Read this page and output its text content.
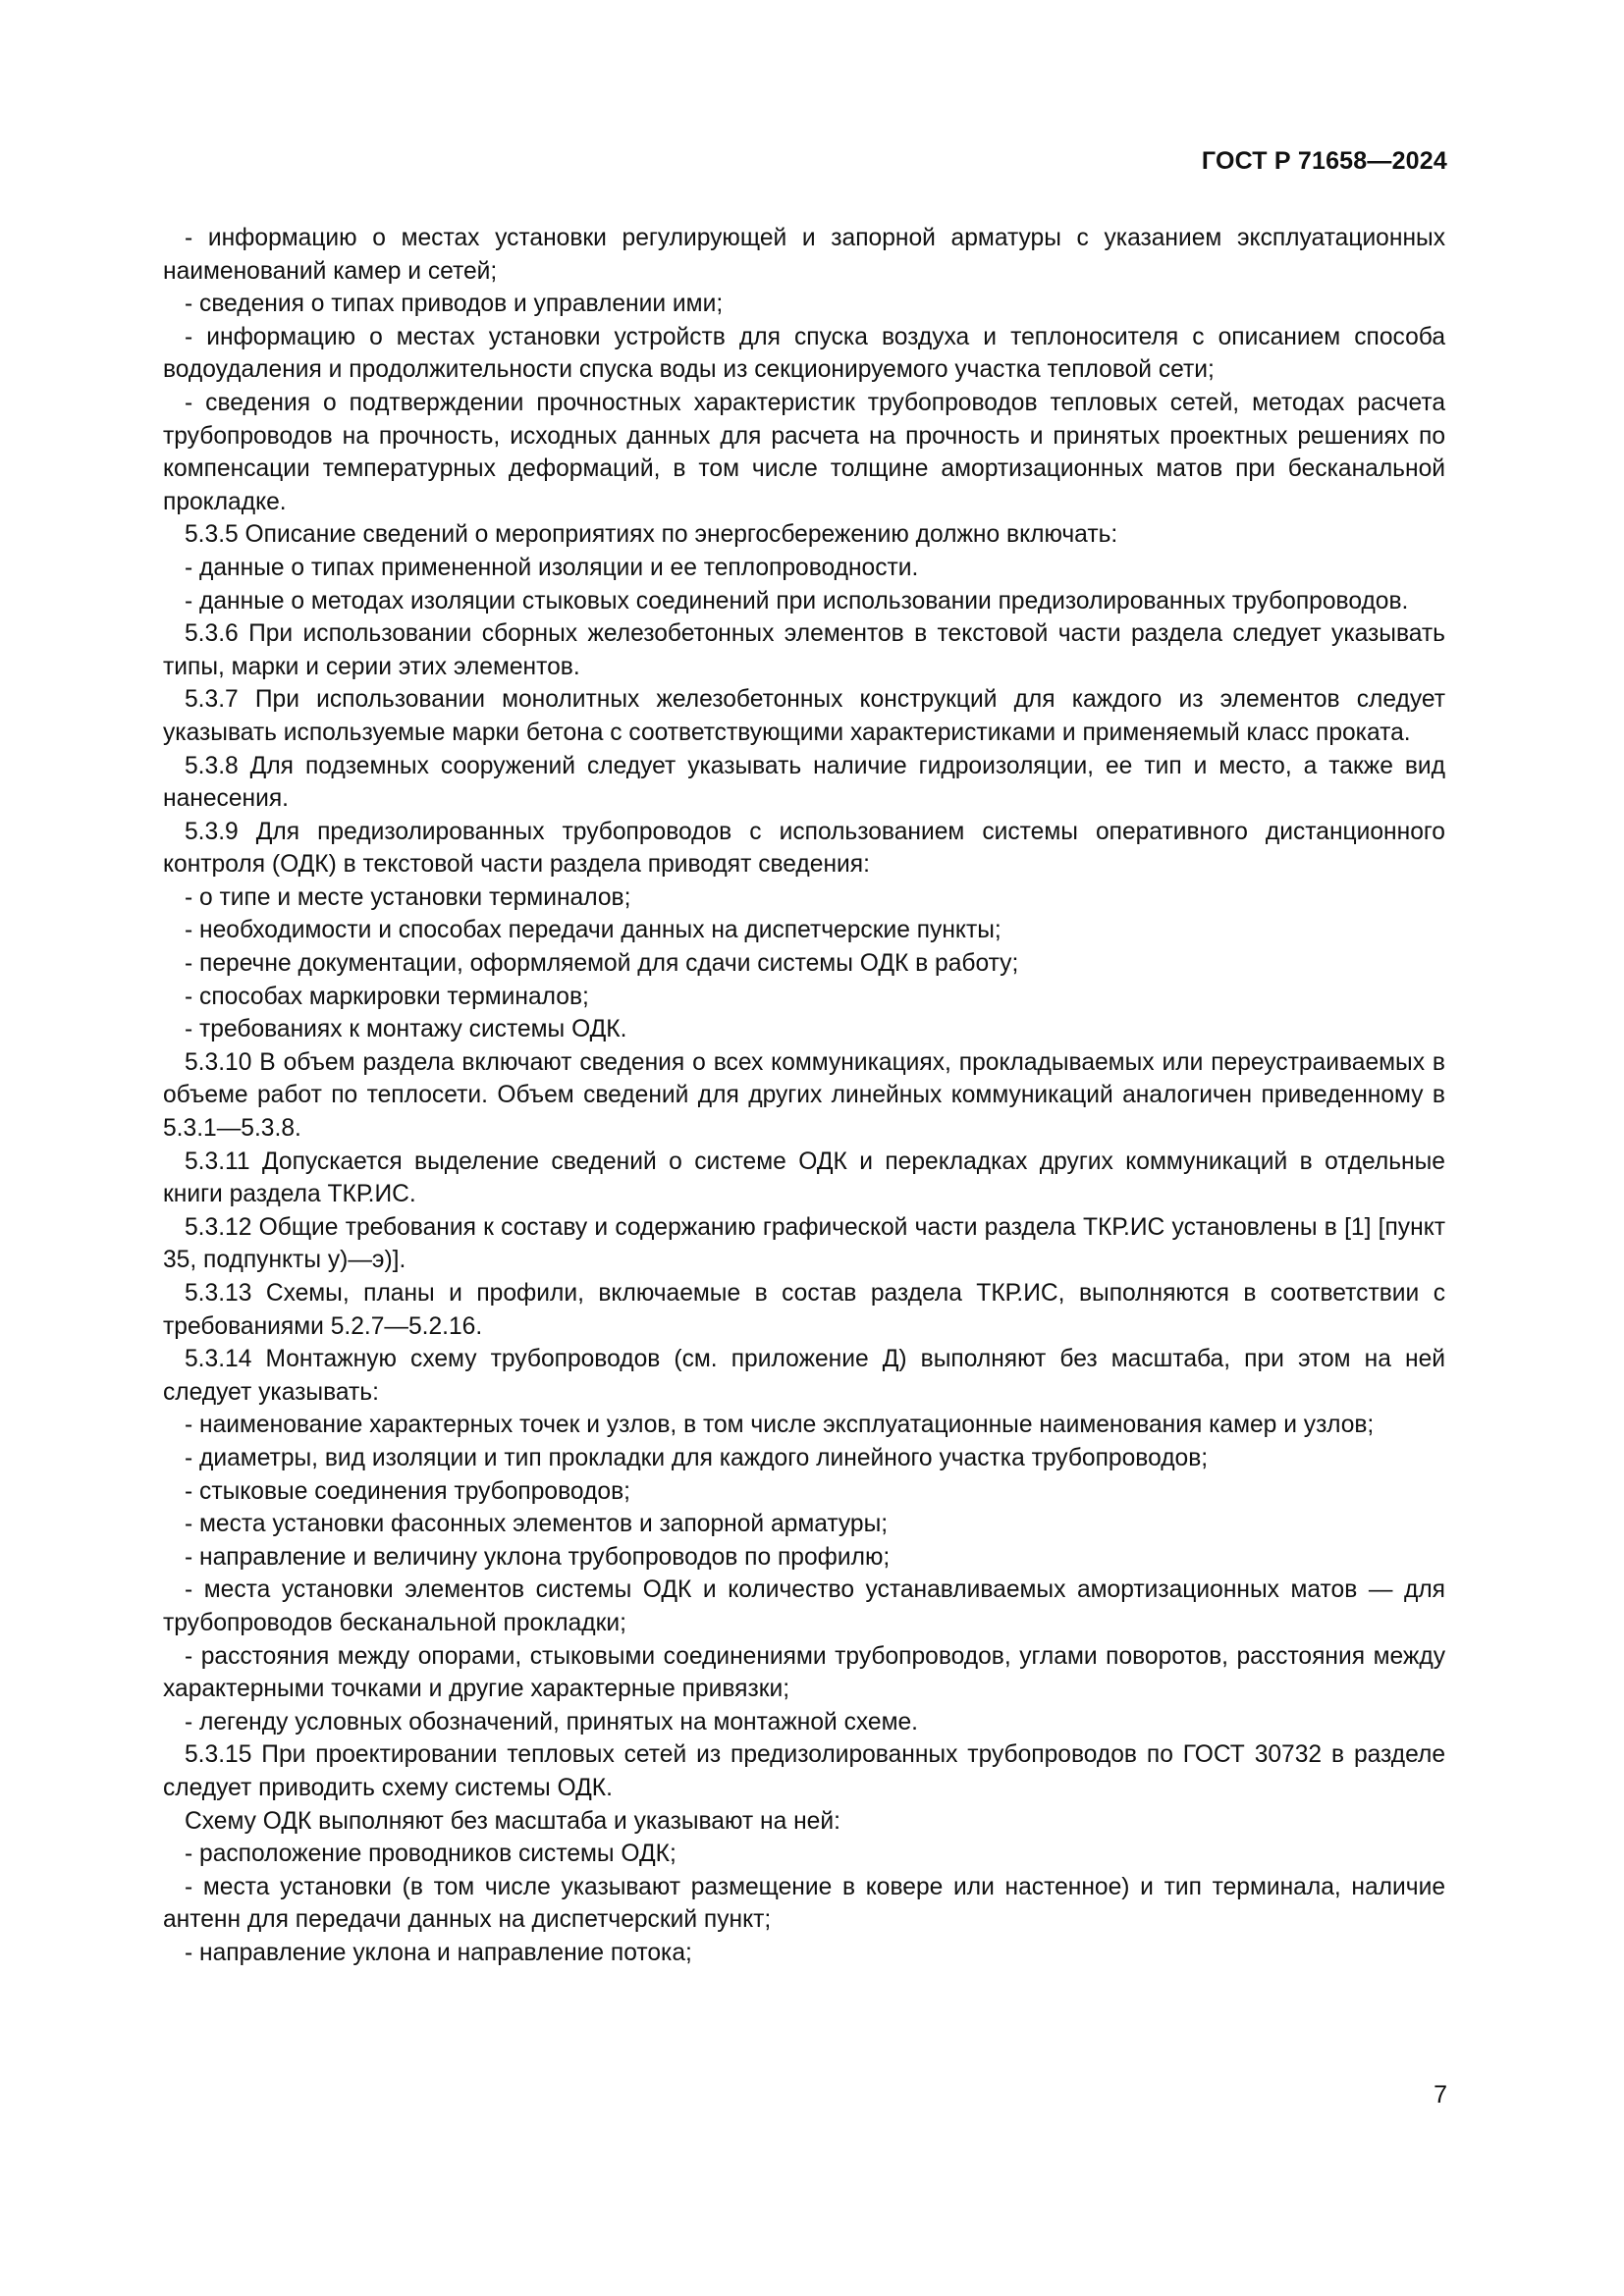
ГОСТ Р 71658—2024

- информацию о местах установки регулирующей и запорной арматуры с указанием эксплуатационных наименований камер и сетей;

- сведения о типах приводов и управлении ими;

- информацию о местах установки устройств для спуска воздуха и теплоносителя с описанием способа водоудаления и продолжительности спуска воды из секционируемого участка тепловой сети;

- сведения о подтверждении прочностных характеристик трубопроводов тепловых сетей, методах расчета трубопроводов на прочность, исходных данных для расчета на прочность и принятых проектных решениях по компенсации температурных деформаций, в том числе толщине амортизационных матов при бесканальной прокладке.

5.3.5 Описание сведений о мероприятиях по энергосбережению должно включать:

- данные о типах примененной изоляции и ее теплопроводности.

- данные о методах изоляции стыковых соединений при использовании предизолированных трубопроводов.

5.3.6 При использовании сборных железобетонных элементов в текстовой части раздела следует указывать типы, марки и серии этих элементов.

5.3.7 При использовании монолитных железобетонных конструкций для каждого из элементов следует указывать используемые марки бетона с соответствующими характеристиками и применяемый класс проката.

5.3.8 Для подземных сооружений следует указывать наличие гидроизоляции, ее тип и место, а также вид нанесения.

5.3.9 Для предизолированных трубопроводов с использованием системы оперативного дистанционного контроля (ОДК) в текстовой части раздела приводят сведения:

- о типе и месте установки терминалов;

- необходимости и способах передачи данных на диспетчерские пункты;

- перечне документации, оформляемой для сдачи системы ОДК в работу;

- способах маркировки терминалов;

- требованиях к монтажу системы ОДК.

5.3.10 В объем раздела включают сведения о всех коммуникациях, прокладываемых или переустраиваемых в объеме работ по теплосети. Объем сведений для других линейных коммуникаций аналогичен приведенному в 5.3.1—5.3.8.

5.3.11 Допускается выделение сведений о системе ОДК и перекладках других коммуникаций в отдельные книги раздела ТКР.ИС.

5.3.12 Общие требования к составу и содержанию графической части раздела ТКР.ИС установлены в [1] [пункт 35, подпункты у)—э)].

5.3.13 Схемы, планы и профили, включаемые в состав раздела ТКР.ИС, выполняются в соответствии с требованиями 5.2.7—5.2.16.

5.3.14 Монтажную схему трубопроводов (см. приложение Д) выполняют без масштаба, при этом на ней следует указывать:

- наименование характерных точек и узлов, в том числе эксплуатационные наименования камер и узлов;

- диаметры, вид изоляции и тип прокладки для каждого линейного участка трубопроводов;

- стыковые соединения трубопроводов;

- места установки фасонных элементов и запорной арматуры;

- направление и величину уклона трубопроводов по профилю;

- места установки элементов системы ОДК и количество устанавливаемых амортизационных матов — для трубопроводов бесканальной прокладки;

- расстояния между опорами, стыковыми соединениями трубопроводов, углами поворотов, расстояния между характерными точками и другие характерные привязки;

- легенду условных обозначений, принятых на монтажной схеме.

5.3.15 При проектировании тепловых сетей из предизолированных трубопроводов по ГОСТ 30732 в разделе следует приводить схему системы ОДК.

Схему ОДК выполняют без масштаба и указывают на ней:

- расположение проводников системы ОДК;

- места установки (в том числе указывают размещение в ковере или настенное) и тип терминала, наличие антенн для передачи данных на диспетчерский пункт;

- направление уклона и направление потока;

7
